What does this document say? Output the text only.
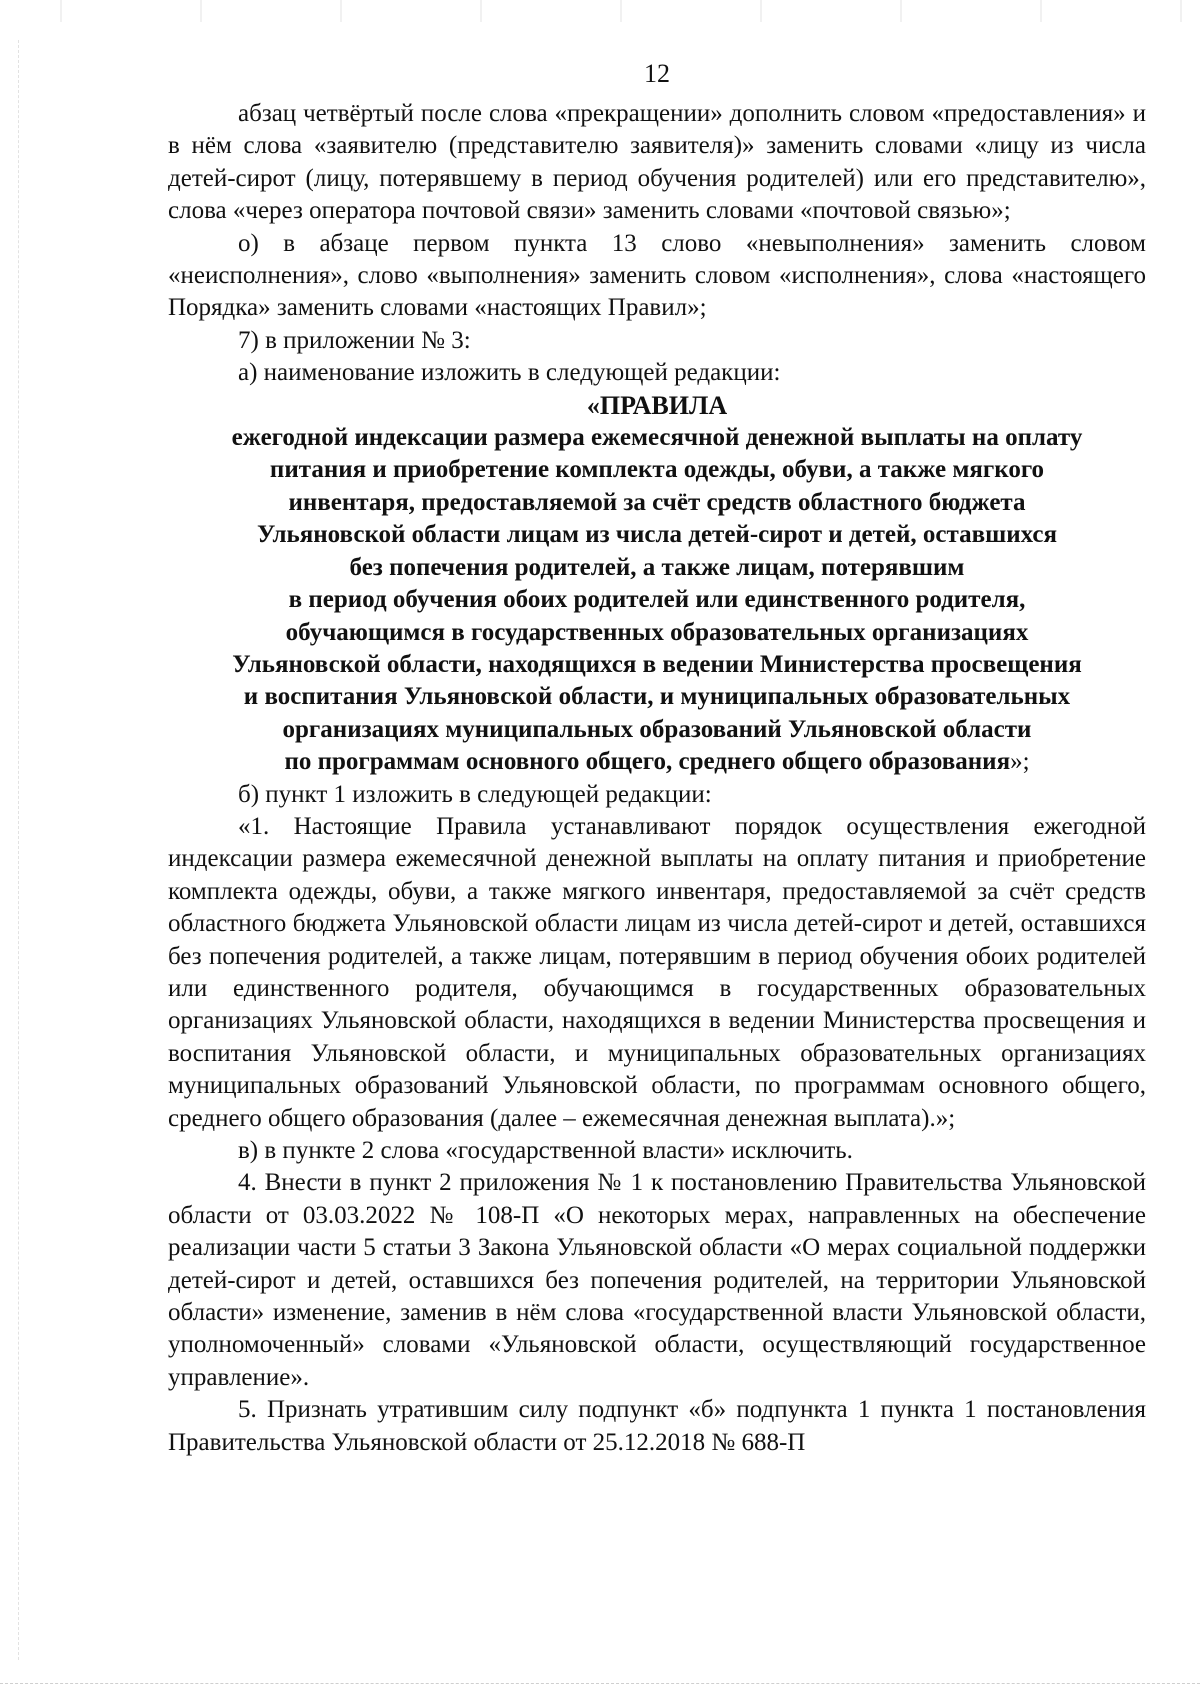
12

абзац четвёртый после слова «прекращении» дополнить словом «предоставления» и в нём слова «заявителю (представителю заявителя)» заменить словами «лицу из числа детей-сирот (лицу, потерявшему в период обучения родителей) или его представителю», слова «через оператора почтовой связи» заменить словами «почтовой связью»;

о) в абзаце первом пункта 13 слово «невыполнения» заменить словом «неисполнения», слово «выполнения» заменить словом «исполнения», слова «настоящего Порядка» заменить словами «настоящих Правил»;

7) в приложении № 3:

а) наименование изложить в следующей редакции:

«ПРАВИЛА
ежегодной индексации размера ежемесячной денежной выплаты на оплату
питания и приобретение комплекта одежды, обуви, а также мягкого
инвентаря, предоставляемой за счёт средств областного бюджета
Ульяновской области лицам из числа детей-сирот и детей, оставшихся
без попечения родителей, а также лицам, потерявшим
в период обучения обоих родителей или единственного родителя,
обучающимся в государственных образовательных организациях
Ульяновской области, находящихся в ведении Министерства просвещения
и воспитания Ульяновской области, и муниципальных образовательных
организациях муниципальных образований Ульяновской области
по программам основного общего, среднего общего образования»;

б) пункт 1 изложить в следующей редакции:

«1. Настоящие Правила устанавливают порядок осуществления ежегодной индексации размера ежемесячной денежной выплаты на оплату питания и приобретение комплекта одежды, обуви, а также мягкого инвентаря, предоставляемой за счёт средств областного бюджета Ульяновской области лицам из числа детей-сирот и детей, оставшихся без попечения родителей, а также лицам, потерявшим в период обучения обоих родителей или единственного родителя, обучающимся в государственных образовательных организациях Ульяновской области, находящихся в ведении Министерства просвещения и воспитания Ульяновской области, и муниципальных образовательных организациях муниципальных образований Ульяновской области, по программам основного общего, среднего общего образования (далее – ежемесячная денежная выплата).»;

в) в пункте 2 слова «государственной власти» исключить.

4. Внести в пункт 2 приложения № 1 к постановлению Правительства Ульяновской области от 03.03.2022 № 108-П «О некоторых мерах, направленных на обеспечение реализации части 5 статьи 3 Закона Ульяновской области «О мерах социальной поддержки детей-сирот и детей, оставшихся без попечения родителей, на территории Ульяновской области» изменение, заменив в нём слова «государственной власти Ульяновской области, уполномоченный» словами «Ульяновской области, осуществляющий государственное управление».

5. Признать утратившим силу подпункт «б» подпункта 1 пункта 1 постановления Правительства Ульяновской области от 25.12.2018 № 688-П
